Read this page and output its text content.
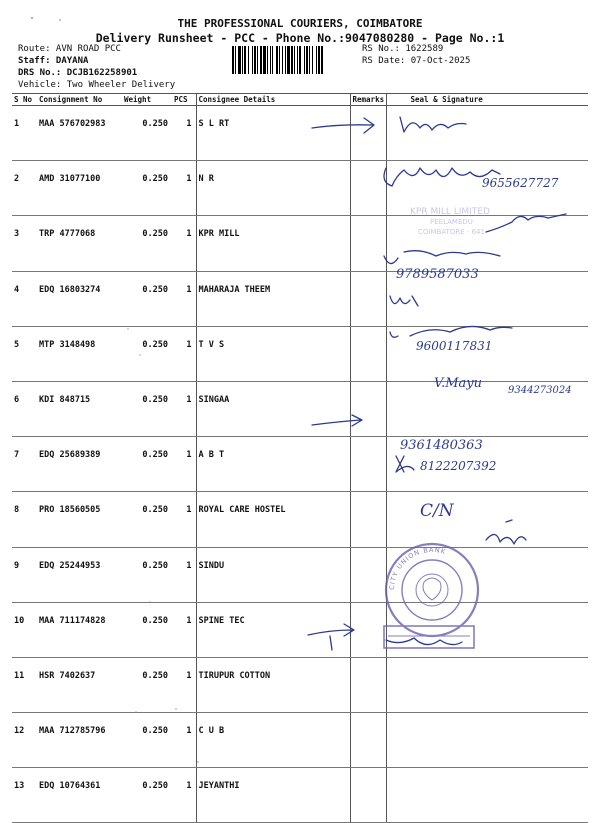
THE PROFESSIONAL COURIERS, COIMBATORE
Delivery Runsheet - PCC - Phone No.:9047080280 - Page No.:1
Route: AVN ROAD PCC
Staff: DAYANA
DRS No.: DCJB162258901
Vehicle: Two Wheeler Delivery
RS No.: 1622589
RS Date: 07-Oct-2025
S No	Consignment No	Weight	PCS	Consignee Details	Remarks	Seal & Signature
1	MAA 576702983	0.250	1	S L RT		
2	AMD 31077100	0.250	1	N R		
3	TRP 4777068	0.250	1	KPR MILL		
4	EDQ 16803274	0.250	1	MAHARAJA THEEM		
5	MTP 3148498	0.250	1	T V S		
6	KDI 848715	0.250	1	SINGAA		
7	EDQ 25689389	0.250	1	A B T		
8	PRO 18560505	0.250	1	ROYAL CARE HOSTEL		
9	EDQ 25244953	0.250	1	SINDU		
10	MAA 711174828	0.250	1	SPINE TEC		
11	HSR 7402637	0.250	1	TIRUPUR COTTON		
12	MAA 712785796	0.250	1	C U B		
13	EDQ 10764361	0.250	1	JEYANTHI		
9655627727
9789587033
9600117831
V.Mayu	9344273024
9361480363
8122207392
C/N
KPR MILL LIMITED
PEELAMEDU
COIMBATORE - 641
CITY UNION BANK
